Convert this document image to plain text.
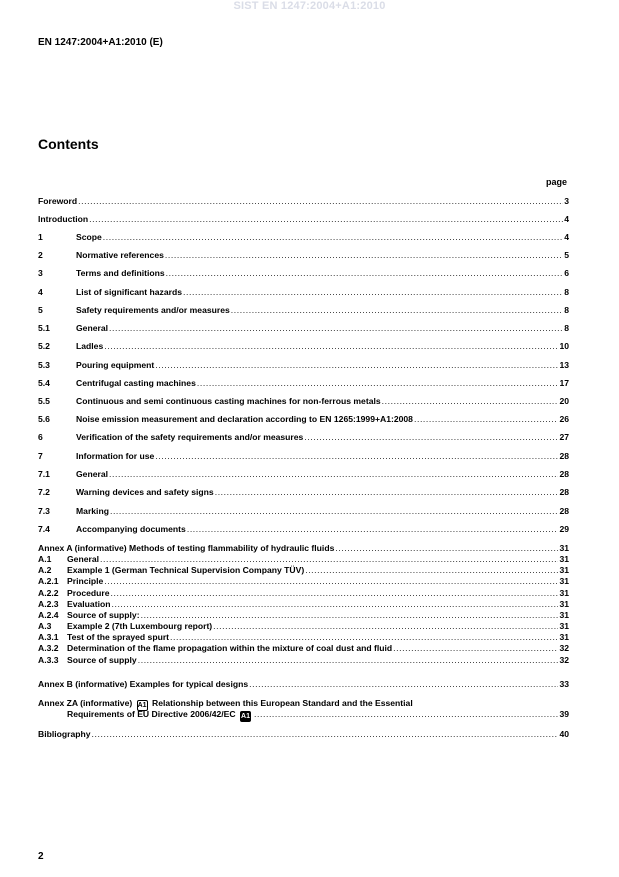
SIST EN 1247:2004+A1:2010
EN 1247:2004+A1:2010 (E)
Contents
page
Foreword .....	3
Introduction .....	4
1	Scope .....	4
2	Normative references .....	5
3	Terms and definitions .....	6
4	List of significant hazards .....	8
5	Safety requirements and/or measures .....	8
5.1	General .....	8
5.2	Ladles .....	10
5.3	Pouring equipment .....	13
5.4	Centrifugal casting machines .....	17
5.5	Continuous and semi continuous casting machines for non-ferrous metals .....	20
5.6	Noise emission measurement and declaration according to EN 1265:1999+A1:2008 .....	26
6	Verification of the safety requirements and/or measures .....	27
7	Information for use .....	28
7.1	General .....	28
7.2	Warning devices and safety signs .....	28
7.3	Marking .....	28
7.4	Accompanying documents .....	29
Annex A (informative) Methods of testing flammability of hydraulic fluids .....	31
A.1	General .....	31
A.2	Example 1 (German Technical Supervision Company TÜV) .....	31
A.2.1 Principle .....	31
A.2.2 Procedure .....	31
A.2.3 Evaluation .....	31
A.2.4 Source of supply: .....	31
A.3	Example 2 (7th Luxembourg report) .....	31
A.3.1 Test of the sprayed spurt .....	31
A.3.2 Determination of the flame propagation within the mixture of coal dust and fluid .....	32
A.3.3 Source of supply .....	32
Annex B (informative) Examples for typical designs .....	33
Annex ZA (informative) A1 Relationship between this European Standard and the Essential
Requirements of EU Directive 2006/42/EC A1 .....	39
Bibliography .....	40
2
